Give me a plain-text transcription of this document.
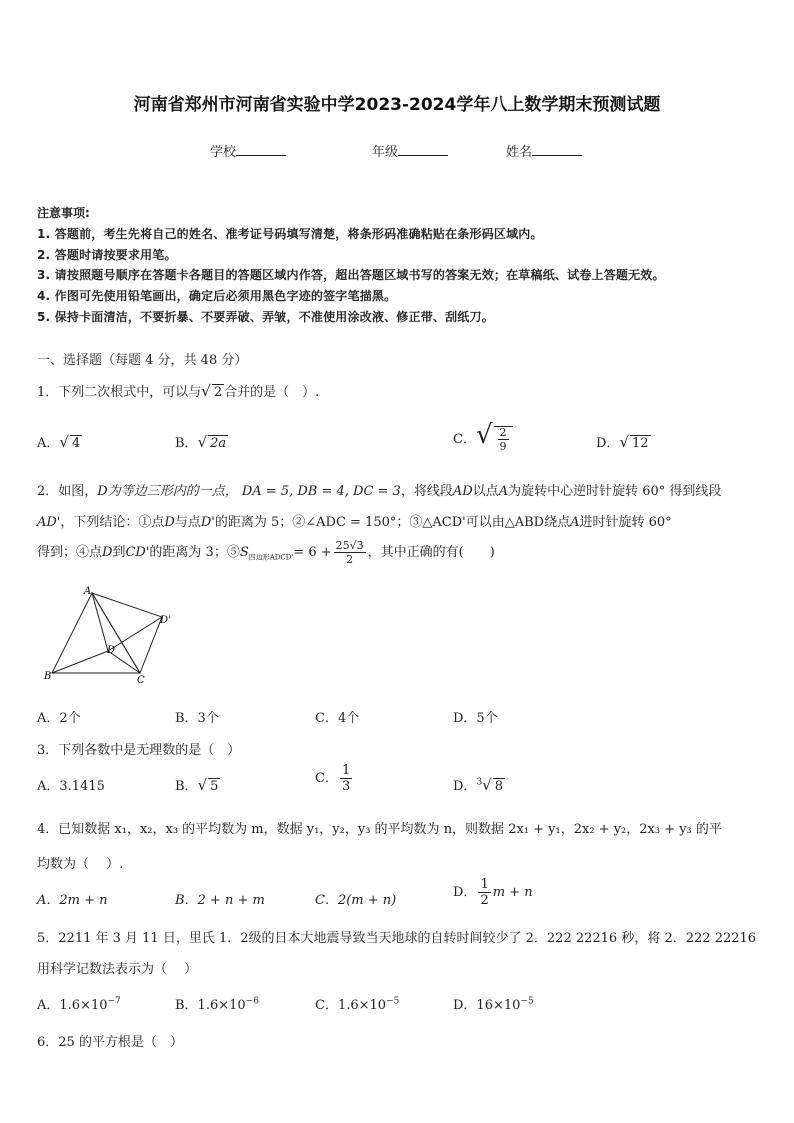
河南省郑州市河南省实验中学2023-2024学年八上数学期末预测试题
学校	年级	姓名
注意事项:
1. 答题前，考生先将自己的姓名、准考证号码填写清楚，将条形码准确粘贴在条形码区域内。
2. 答题时请按要求用笔。
3. 请按照题号顺序在答题卡各题目的答题区域内作答，超出答题区域书写的答案无效；在草稿纸、试卷上答题无效。
4. 作图可先使用铅笔画出，确定后必须用黑色字迹的签字笔描黑。
5. 保持卡面清洁，不要折暴、不要弄破、弄皱，不准使用涂改液、修正带、刮纸刀。
一、选择题（每题 4 分，共 48 分）
1．下列二次根式中，可以与√ 2 合并的是（　）.
A．√ 4	B．√ 2a	C．√ $\frac{2}{9}$	D．√ 12
2．如图，D为等边三形内的一点， DA = 5, DB = 4, DC = 3，将线段AD以点A为旋转中心逆时针旋转 60° 得到线段
AD'，下列结论：①点D与点D'的距离为 5；②∠ADC = 150°；③△ACD'可以由△ABD绕点A进时针旋转 60°
得到；④点D到CD'的距离为 3；$⑤S_{四边形ADCD'}= 6 + \frac{25√3}{2}$ ，其中正确的有(　　)
A
B	C
D
D'
A．2个	B．3个	C．4个	D．5个
3．下列各数中是无理数的是（　）
A．3.1415	B．√ 5
C． $\frac{1}{3}$	D．$^3$√ 8
4．已知数据 x₁，x₂，x₃ 的平均数为 m，数据 y₁，y₂，y₃ 的平均数为 n，则数据 2x₁ + y₁，2x₂ + y₂，2x₃ + y₃ 的平
均数为（　 ）.
A．2m + n	B．2 + n + m	C．2(m + n)
D． $\frac{1}{2}$ m + n
5．2211 年 3 月 11 日，里氏 1．2级的日本大地震导致当天地球的自转时间较少了 2．222 22216 秒，将 2．222 22216
用科学记数法表示为（　 ）
A．$1.6\times 10^{-7}$	B．$1.6\times 10^{-6}$	C．$1.6\times 10^{-5}$	D．$16\times 10^{-5}$
6．25 的平方根是（　）
